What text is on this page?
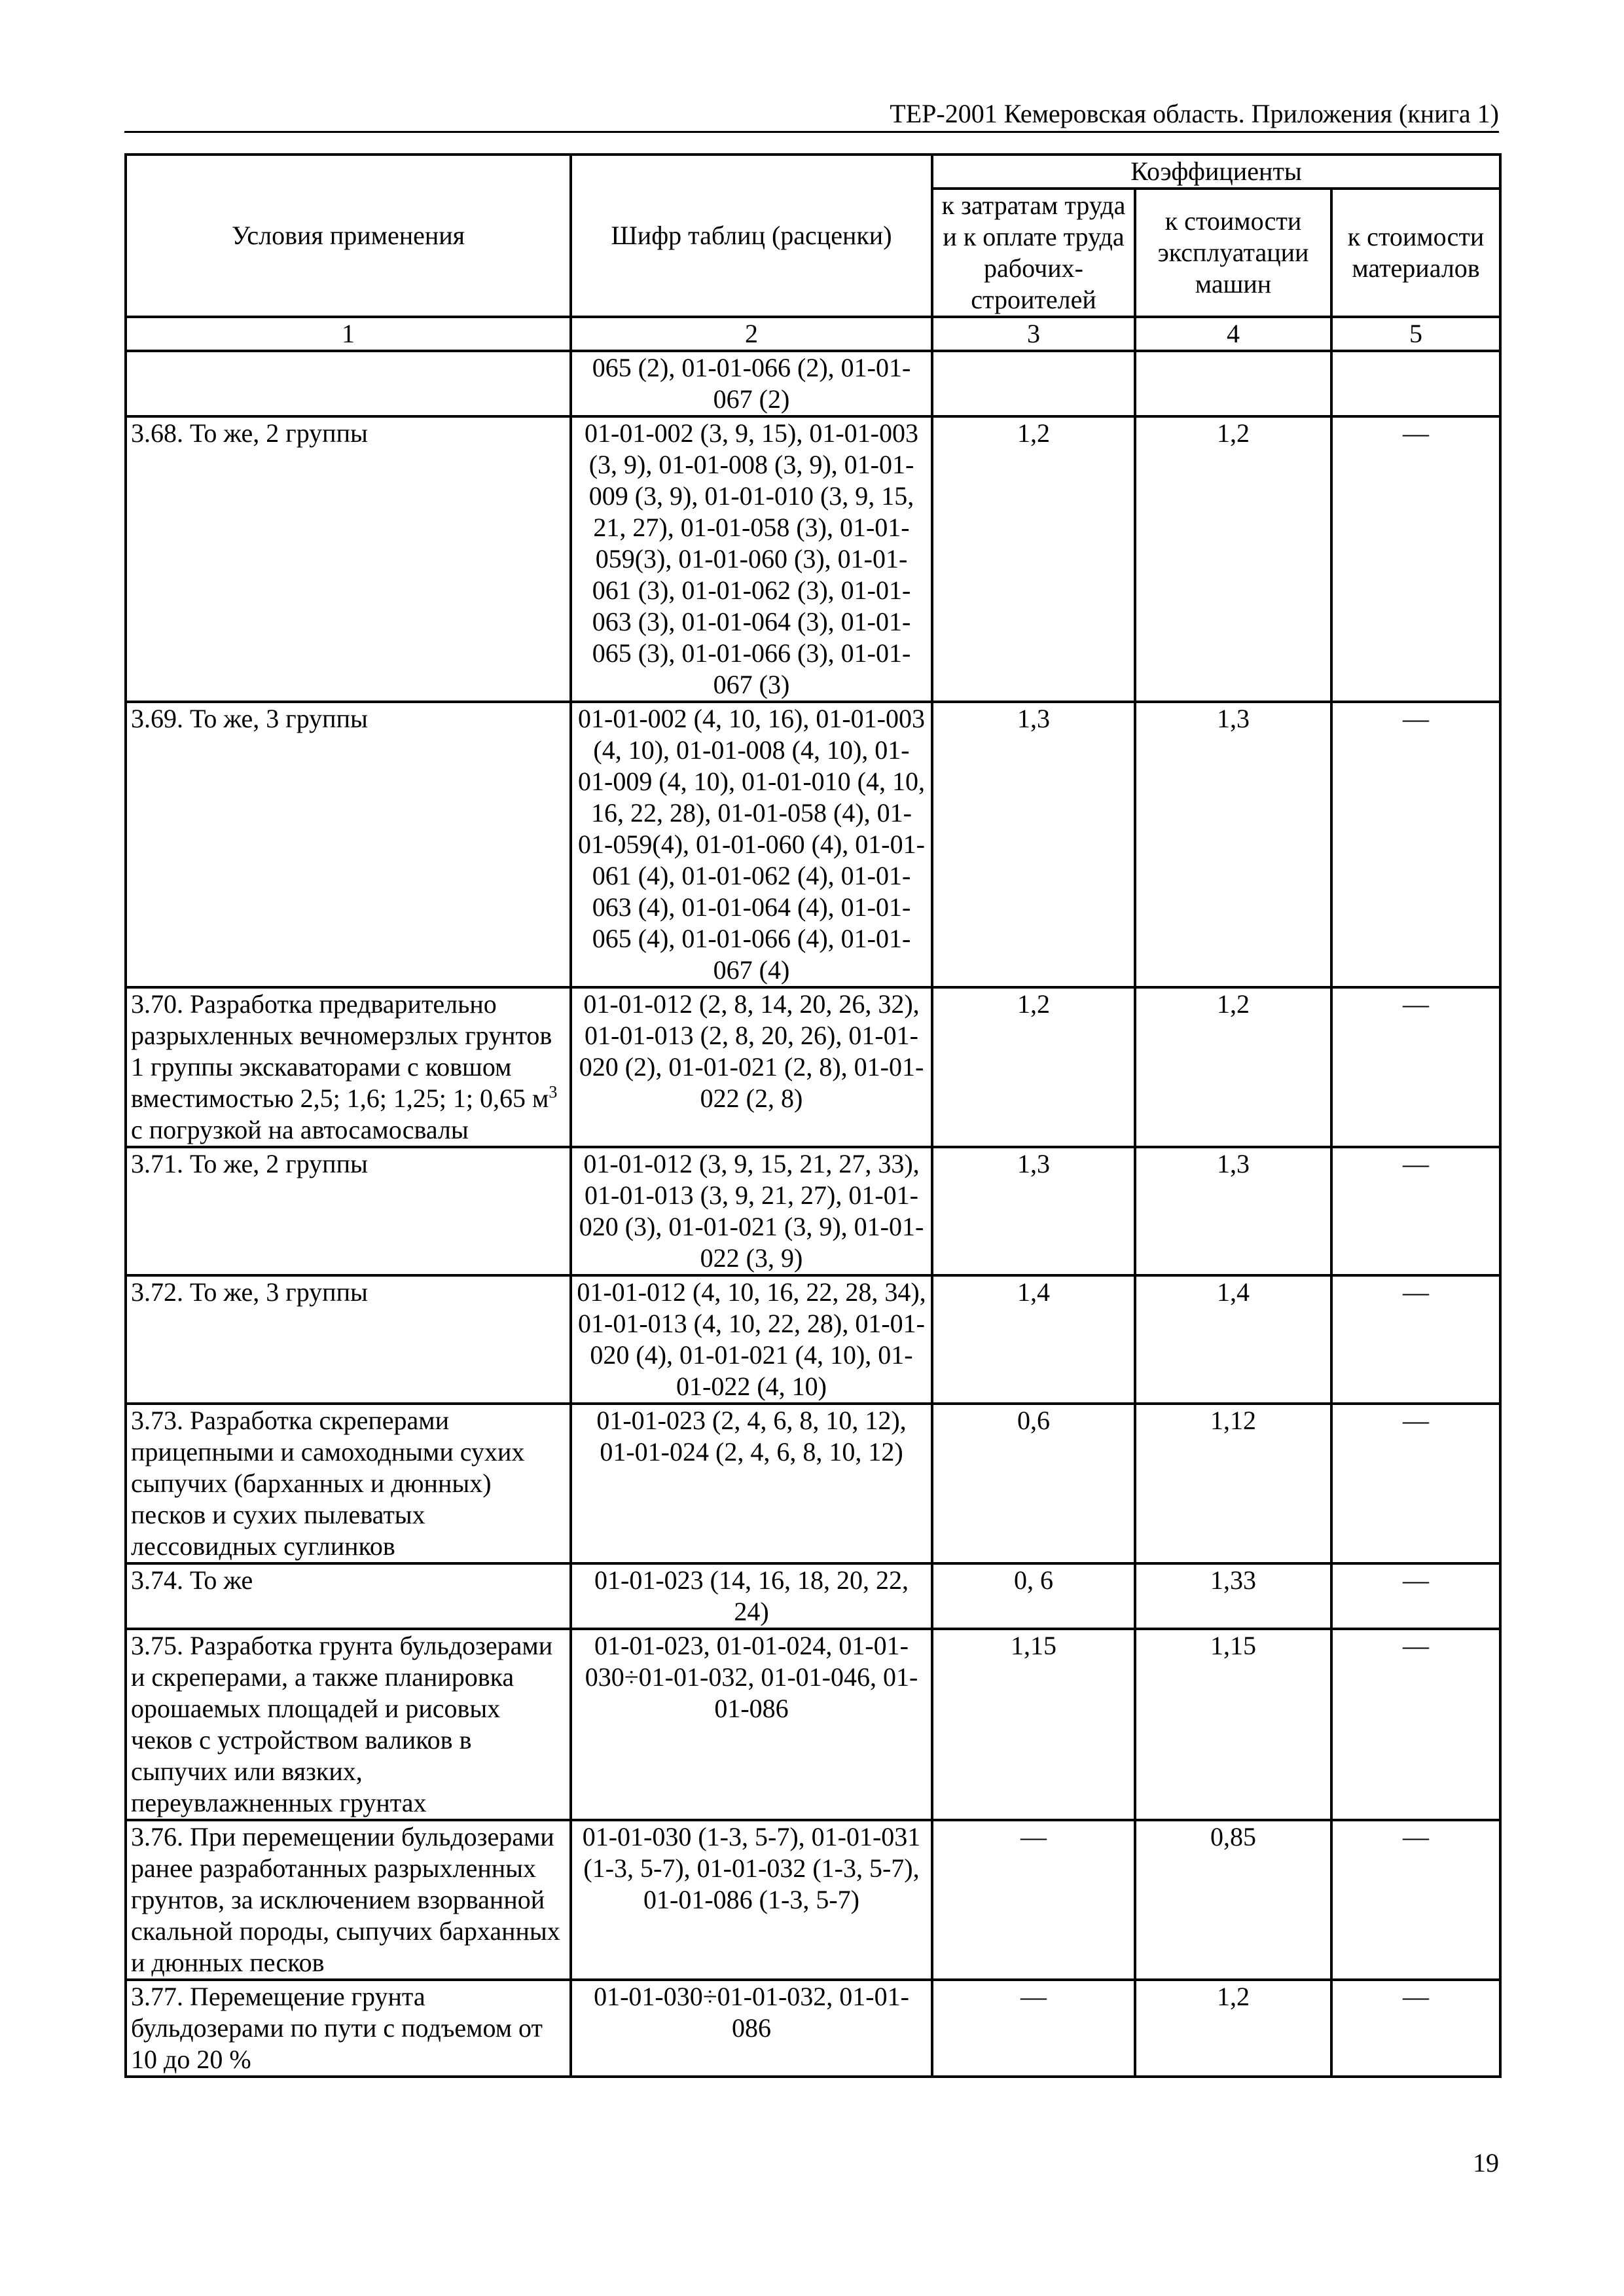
ТЕР-2001 Кемеровская область. Приложения (книга 1)
Условия применения	Шифр таблиц (расценки)	Коэффициенты		
		к затратам труда и к оплате труда рабочих-строителей	к стоимости эксплуатации машин	к стоимости материалов
1	2	3	4	5
	065 (2), 01-01-066 (2), 01-01-067 (2)			
3.68. То же, 2 группы	01-01-002 (3, 9, 15), 01-01-003 (3, 9), 01-01-008 (3, 9), 01-01-009 (3, 9), 01-01-010 (3, 9, 15, 21, 27), 01-01-058 (3), 01-01-059(3), 01-01-060 (3), 01-01-061 (3), 01-01-062 (3), 01-01-063 (3), 01-01-064 (3), 01-01-065 (3), 01-01-066 (3), 01-01-067 (3)	1,2	1,2	—
3.69. То же, 3 группы	01-01-002 (4, 10, 16), 01-01-003 (4, 10), 01-01-008 (4, 10), 01-01-009 (4, 10), 01-01-010 (4, 10, 16, 22, 28), 01-01-058 (4), 01-01-059(4), 01-01-060 (4), 01-01-061 (4), 01-01-062 (4), 01-01-063 (4), 01-01-064 (4), 01-01-065 (4), 01-01-066 (4), 01-01-067 (4)	1,3	1,3	—
3.70. Разработка предварительно разрыхленных вечномерзлых грунтов 1 группы экскаваторами с ковшом вместимостью 2,5; 1,6; 1,25; 1; 0,65 $м^3$ с погрузкой на автосамосвалы	01-01-012 (2, 8, 14, 20, 26, 32), 01-01-013 (2, 8, 20, 26), 01-01-020 (2), 01-01-021 (2, 8), 01-01-022 (2, 8)	1,2	1,2	—
3.71. То же, 2 группы	01-01-012 (3, 9, 15, 21, 27, 33), 01-01-013 (3, 9, 21, 27), 01-01-020 (3), 01-01-021 (3, 9), 01-01-022 (3, 9)	1,3	1,3	—
3.72. То же, 3 группы	01-01-012 (4, 10, 16, 22, 28, 34), 01-01-013 (4, 10, 22, 28), 01-01-020 (4), 01-01-021 (4, 10), 01-01-022 (4, 10)	1,4	1,4	—
3.73. Разработка скреперами прицепными и самоходными сухих сыпучих (барханных и дюнных) песков и сухих пылеватых лессовидных суглинков	01-01-023 (2, 4, 6, 8, 10, 12), 01-01-024 (2, 4, 6, 8, 10, 12)	0,6	1,12	—
3.74. То же	01-01-023 (14, 16, 18, 20, 22, 24)	0, 6	1,33	—
3.75. Разработка грунта бульдозерами и скреперами, а также планировка орошаемых площадей и рисовых чеков с устройством валиков в сыпучих или вязких, переувлажненных грунтах	01-01-023, 01-01-024, 01-01-030÷01-01-032, 01-01-046, 01-01-086	1,15	1,15	—
3.76. При перемещении бульдозерами ранее разработанных разрыхленных грунтов, за исключением взорванной скальной породы, сыпучих барханных и дюнных песков	01-01-030 (1-3, 5-7), 01-01-031 (1-3, 5-7), 01-01-032 (1-3, 5-7), 01-01-086 (1-3, 5-7)	—	0,85	—
3.77. Перемещение грунта бульдозерами по пути с подъемом от 10 до 20 %	01-01-030÷01-01-032, 01-01-086	—	1,2	—
19
